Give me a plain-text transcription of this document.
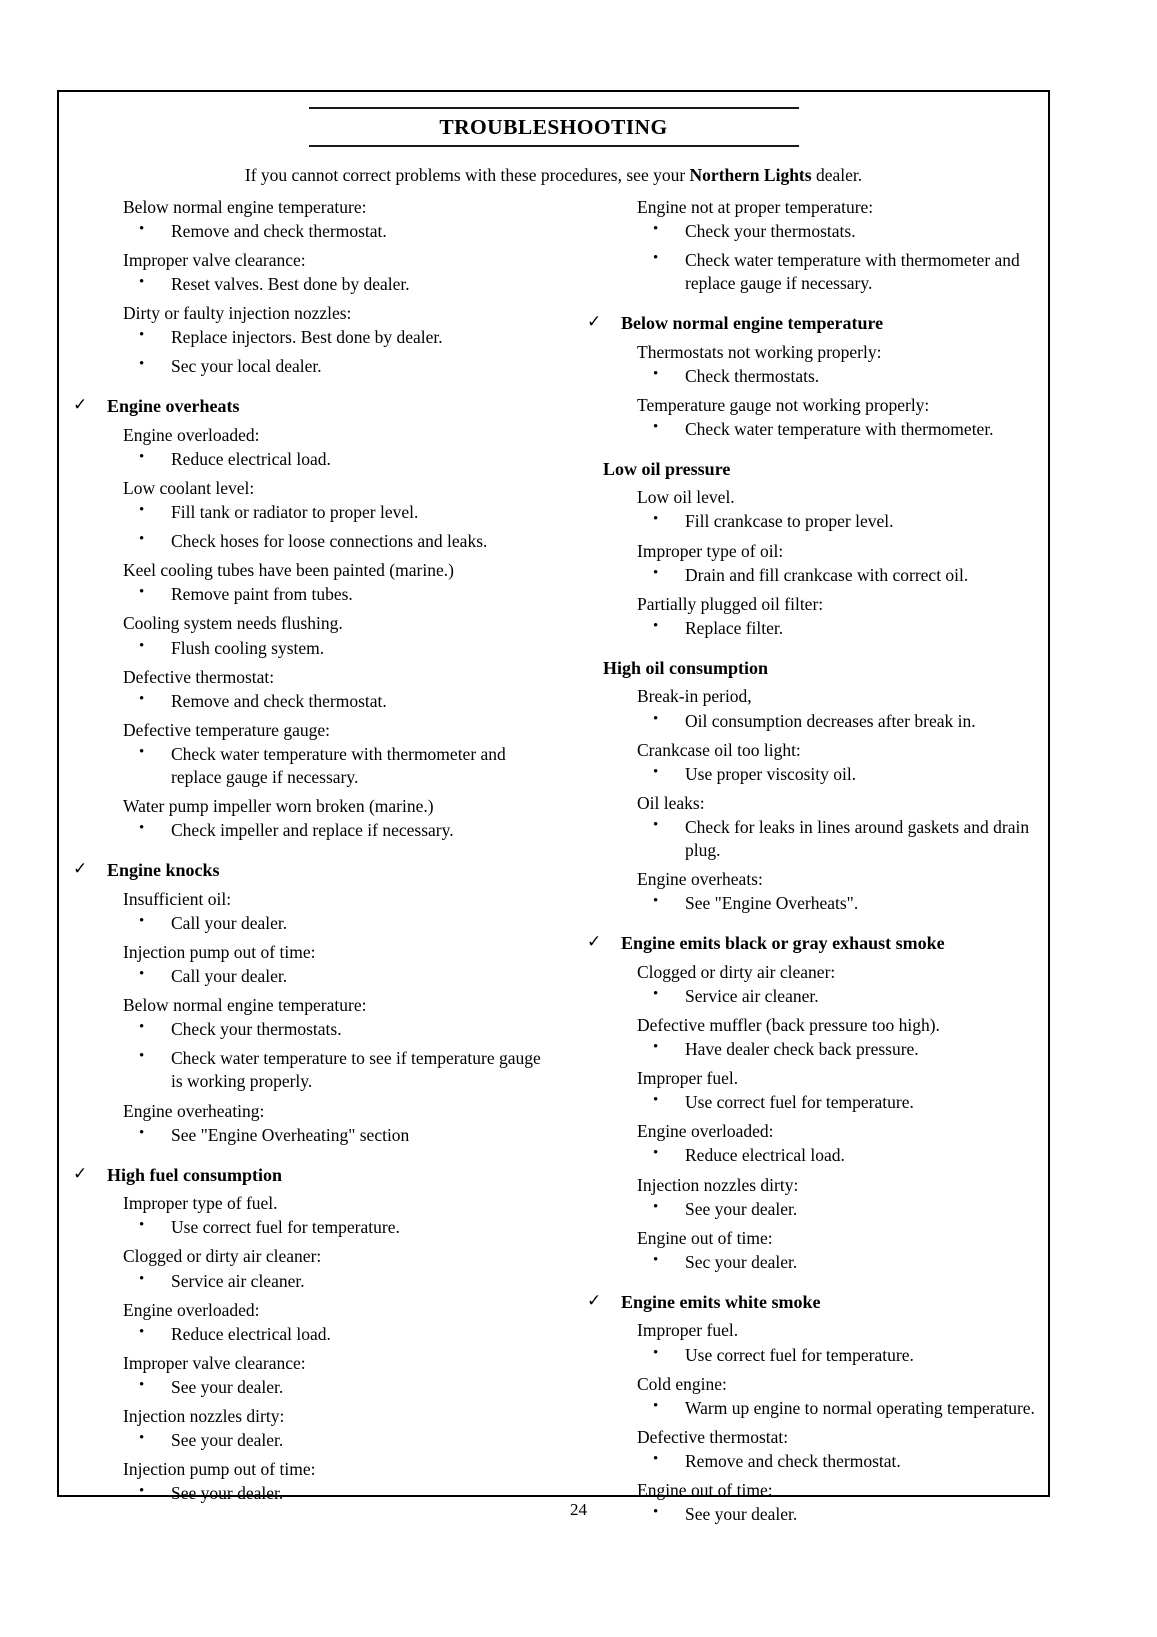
TROUBLESHOOTING
If you cannot correct problems with these procedures, see your Northern Lights dealer.
Below normal engine temperature:
• Remove and check thermostat.
Improper valve clearance:
• Reset valves. Best done by dealer.
Dirty or faulty injection nozzles:
• Replace injectors. Best done by dealer.
• Sec your local dealer.
✓ Engine overheats
Engine overloaded:
• Reduce electrical load.
Low coolant level:
• Fill tank or radiator to proper level.
• Check hoses for loose connections and leaks.
Keel cooling tubes have been painted (marine.)
• Remove paint from tubes.
Cooling system needs flushing.
• Flush cooling system.
Defective thermostat:
• Remove and check thermostat.
Defective temperature gauge:
• Check water temperature with thermometer and replace gauge if necessary.
Water pump impeller worn broken (marine.)
• Check impeller and replace if necessary.
✓ Engine knocks
Insufficient oil:
• Call your dealer.
Injection pump out of time:
• Call your dealer.
Below normal engine temperature:
• Check your thermostats.
• Check water temperature to see if temperature gauge is working properly.
Engine overheating:
• See "Engine Overheating" section
✓ High fuel consumption
Improper type of fuel.
• Use correct fuel for temperature.
Clogged or dirty air cleaner:
• Service air cleaner.
Engine overloaded:
• Reduce electrical load.
Improper valve clearance:
• See your dealer.
Injection nozzles dirty:
• See your dealer.
Injection pump out of time:
• See your dealer.
Engine not at proper temperature:
• Check your thermostats.
• Check water temperature with thermometer and replace gauge if necessary.
✓ Below normal engine temperature
Thermostats not working properly:
• Check thermostats.
Temperature gauge not working properly:
• Check water temperature with thermometer.
Low oil pressure
Low oil level.
• Fill crankcase to proper level.
Improper type of oil:
• Drain and fill crankcase with correct oil.
Partially plugged oil filter:
• Replace filter.
High oil consumption
Break-in period,
• Oil consumption decreases after break in.
Crankcase oil too light:
• Use proper viscosity oil.
Oil leaks:
• Check for leaks in lines around gaskets and drain plug.
Engine overheats:
• See "Engine Overheats".
✓ Engine emits black or gray exhaust smoke
Clogged or dirty air cleaner:
• Service air cleaner.
Defective muffler (back pressure too high).
• Have dealer check back pressure.
Improper fuel.
• Use correct fuel for temperature.
Engine overloaded:
• Reduce electrical load.
Injection nozzles dirty:
• See your dealer.
Engine out of time:
• Sec your dealer.
✓ Engine emits white smoke
Improper fuel.
• Use correct fuel for temperature.
Cold engine:
• Warm up engine to normal operating temperature.
Defective thermostat:
• Remove and check thermostat.
Engine out of time:
• See your dealer.
24
